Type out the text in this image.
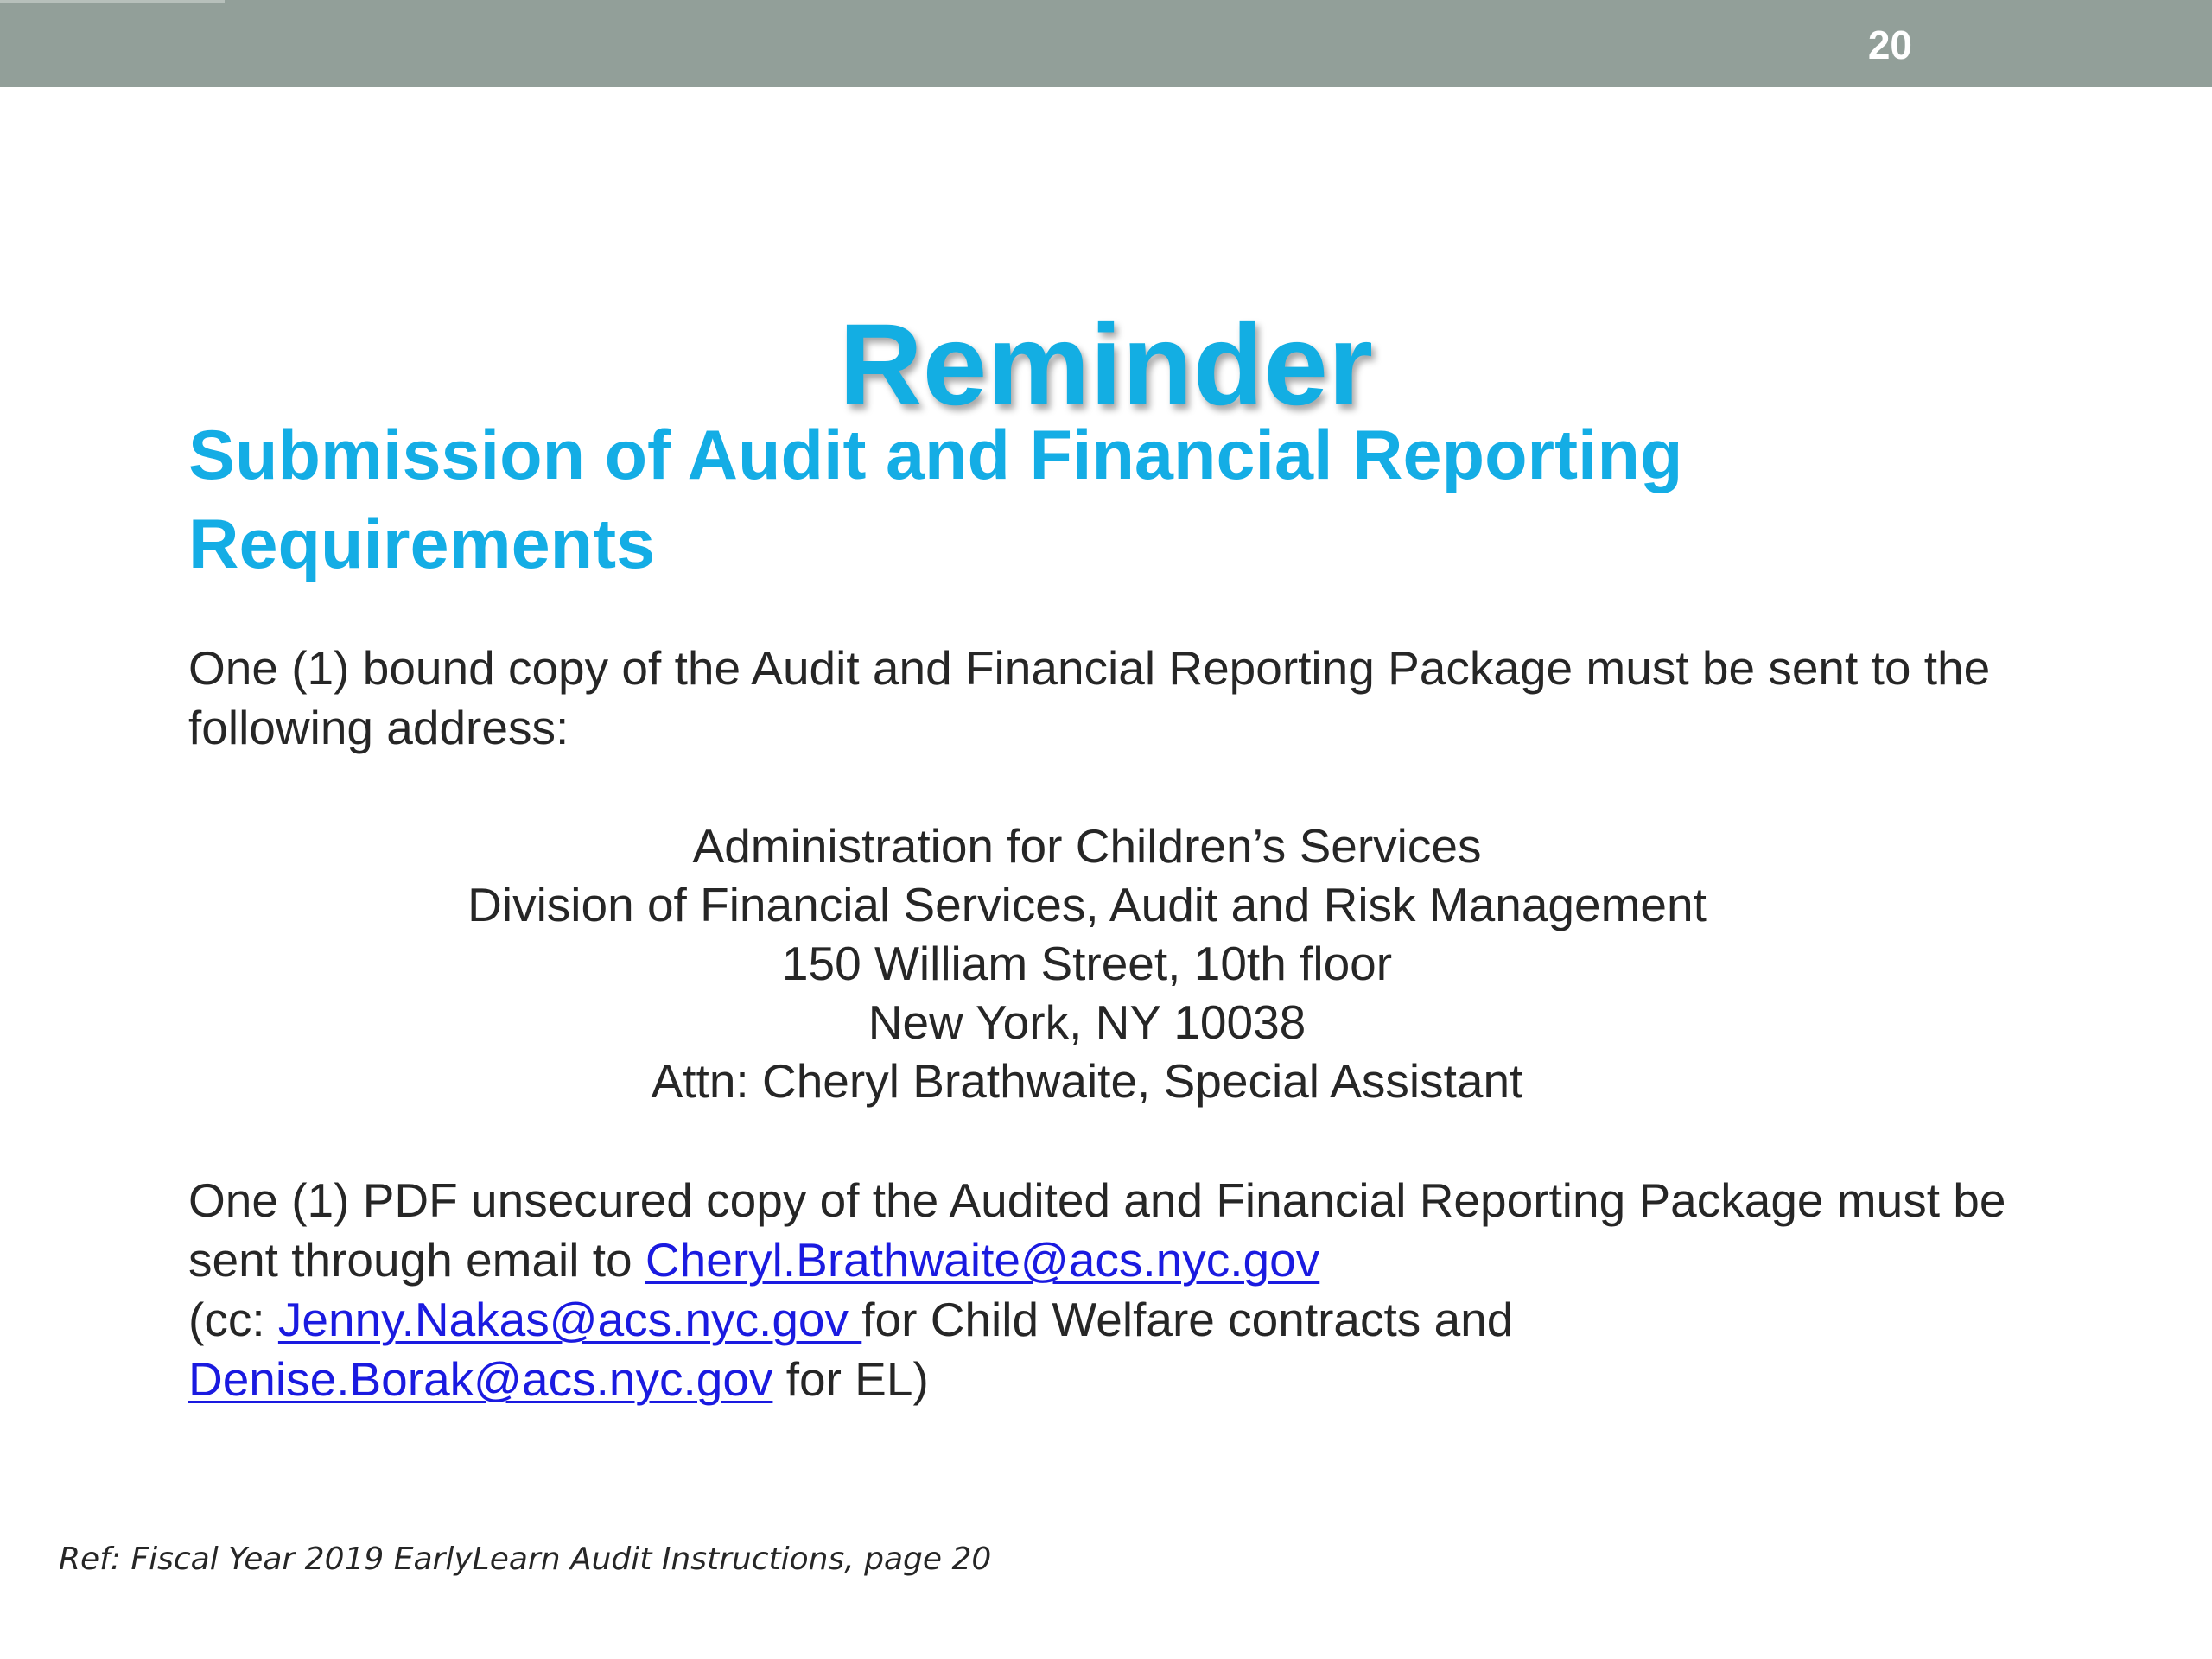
20
Reminder
Submission of Audit and Financial Reporting Requirements

One (1) bound copy of the Audit and Financial Reporting Package must be sent to the following address:

Administration for Children’s Services
Division of Financial Services, Audit and Risk Management
150 William Street, 10th floor
New York, NY 10038
Attn: Cheryl Brathwaite, Special Assistant

One (1) PDF unsecured copy of the Audited and Financial Reporting Package must be sent through email to Cheryl.Brathwaite@acs.nyc.gov
(cc: Jenny.Nakas@acs.nyc.gov for Child Welfare contracts and
Denise.Borak@acs.nyc.gov for EL)

Ref: Fiscal Year 2019 EarlyLearn Audit Instructions, page 20
